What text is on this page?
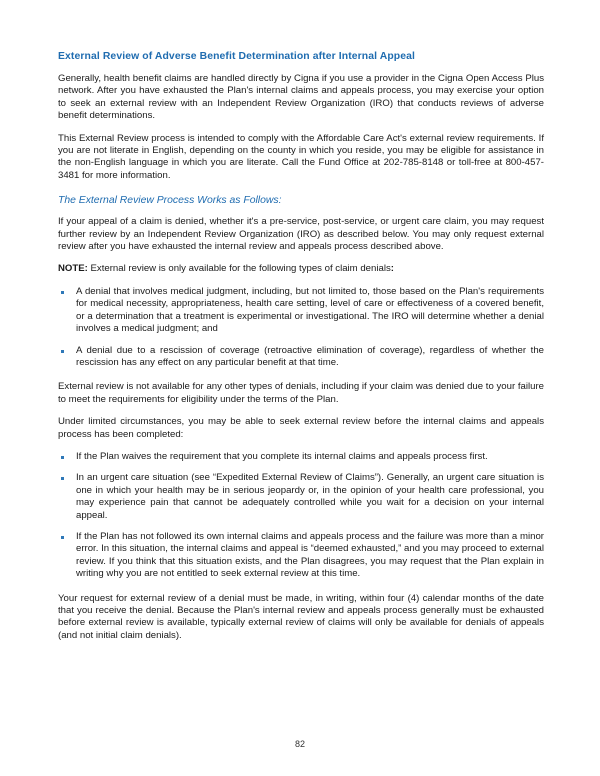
External Review of Adverse Benefit Determination after Internal Appeal

Generally, health benefit claims are handled directly by Cigna if you use a provider in the Cigna Open Access Plus network. After you have exhausted the Plan's internal claims and appeals process, you may exercise your option to seek an external review with an Independent Review Organization (IRO) that conducts reviews of adverse benefit determinations.

This External Review process is intended to comply with the Affordable Care Act's external review requirements. If you are not literate in English, depending on the county in which you reside, you may be eligible for assistance in the non-English language in which you are literate. Call the Fund Office at 202-785-8148 or toll-free at 800-457-3481 for more information.

The External Review Process Works as Follows:

If your appeal of a claim is denied, whether it's a pre-service, post-service, or urgent care claim, you may request further review by an Independent Review Organization (IRO) as described below. You may only request external review after you have exhausted the internal review and appeals process described above.

NOTE: External review is only available for the following types of claim denials:

A denial that involves medical judgment, including, but not limited to, those based on the Plan's requirements for medical necessity, appropriateness, health care setting, level of care or effectiveness of a covered benefit, or a determination that a treatment is experimental or investigational. The IRO will determine whether a denial involves a medical judgment; and
A denial due to a rescission of coverage (retroactive elimination of coverage), regardless of whether the rescission has any effect on any particular benefit at that time.

External review is not available for any other types of denials, including if your claim was denied due to your failure to meet the requirements for eligibility under the terms of the Plan.

Under limited circumstances, you may be able to seek external review before the internal claims and appeals process has been completed:

If the Plan waives the requirement that you complete its internal claims and appeals process first.
In an urgent care situation (see “Expedited External Review of Claims”). Generally, an urgent care situation is one in which your health may be in serious jeopardy or, in the opinion of your health care professional, you may experience pain that cannot be adequately controlled while you wait for a decision on your internal appeal.
If the Plan has not followed its own internal claims and appeals process and the failure was more than a minor error. In this situation, the internal claims and appeal is “deemed exhausted,” and you may proceed to external review. If you think that this situation exists, and the Plan disagrees, you may request that the Plan explain in writing why you are not entitled to seek external review at this time.

Your request for external review of a denial must be made, in writing, within four (4) calendar months of the date that you receive the denial. Because the Plan's internal review and appeals process generally must be exhausted before external review is available, typically external review of claims will only be available for denials of appeals (and not initial claim denials).

82
